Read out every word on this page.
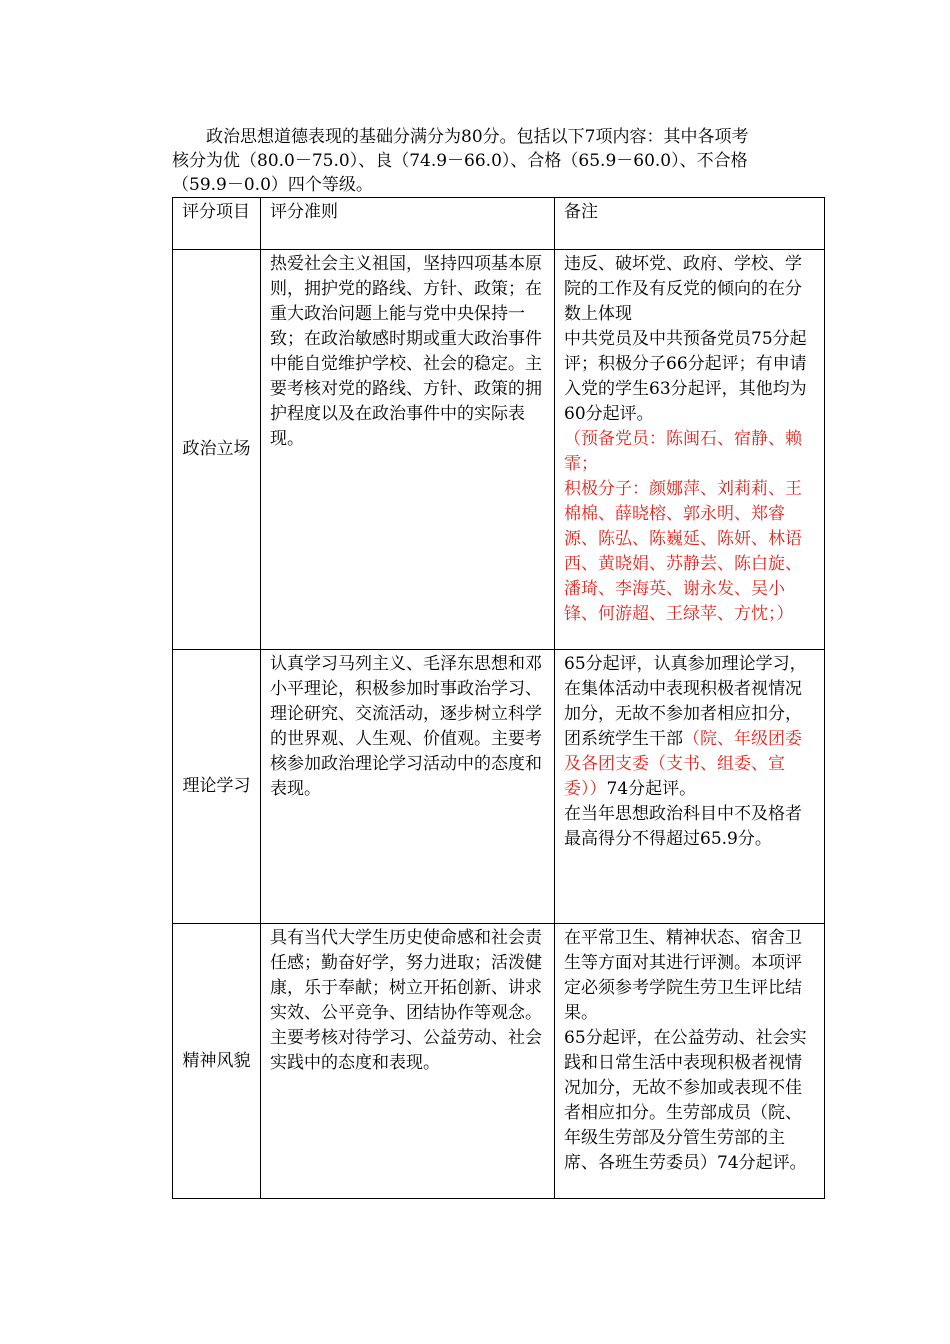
政治思想道德表现的基础分满分为80分。包括以下7项内容：其中各项考

核分为优（80.0－75.0）、良（74.9－66.0）、合格（65.9－60.0）、不合格

（59.9－0.0）四个等级。

评分项目	评分准则	备注
政治立场	热爱社会主义祖国，坚持四项基本原则，拥护党的路线、方针、政策；在重大政治问题上能与党中央保持一致；在政治敏感时期或重大政治事件中能自觉维护学校、社会的稳定。主要考核对党的路线、方针、政策的拥护程度以及在政治事件中的实际表现。	违反、破坏党、政府、学校、学院的工作及有反党的倾向的在分数上体现

中共党员及中共预备党员75分起评；积极分子66分起评；有申请入党的学生63分起评，其他均为60分起评。

（预备党员：陈闽石、宿静、赖霏；

积极分子：颜娜萍、刘莉莉、王棉棉、薛晓榕、郭永明、郑睿源、陈弘、陈巍延、陈妍、林语西、黄晓娟、苏静芸、陈白旋、潘琦、李海英、谢永发、吴小锋、何游超、王绿苹、方忱；）

理论学习	认真学习马列主义、毛泽东思想和邓小平理论，积极参加时事政治学习、理论研究、交流活动，逐步树立科学的世界观、人生观、价值观。主要考核参加政治理论学习活动中的态度和表现。	65分起评，认真参加理论学习，在集体活动中表现积极者视情况加分，无故不参加者相应扣分，团系统学生干部（院、年级团委及各团支委（支书、组委、宣委））74分起评。

在当年思想政治科目中不及格者最高得分不得超过65.9分。

精神风貌	具有当代大学生历史使命感和社会责任感；勤奋好学，努力进取；活泼健康，乐于奉献；树立开拓创新、讲求实效、公平竞争、团结协作等观念。主要考核对待学习、公益劳动、社会实践中的态度和表现。	在平常卫生、精神状态、宿舍卫生等方面对其进行评测。本项评定必须参考学院生劳卫生评比结果。

65分起评，在公益劳动、社会实践和日常生活中表现积极者视情况加分，无故不参加或表现不佳者相应扣分。生劳部成员（院、年级生劳部及分管生劳部的主席、各班生劳委员）74分起评。
